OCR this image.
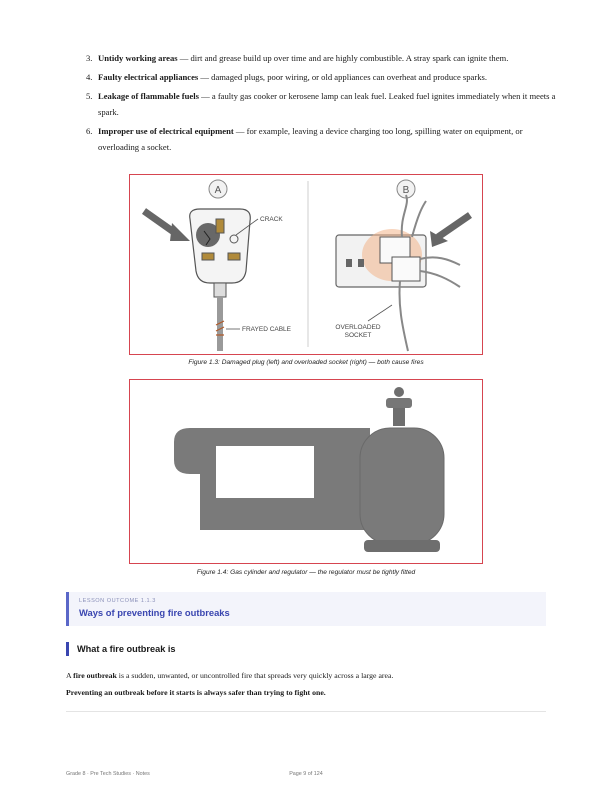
3. Untidy working areas — dirt and grease build up over time and are highly combustible. A stray spark can ignite them.
4. Faulty electrical appliances — damaged plugs, poor wiring, or old appliances can overheat and produce sparks.
5. Leakage of flammable fuels — a faulty gas cooker or kerosene lamp can leak fuel. Leaked fuel ignites immediately when it meets a spark.
6. Improper use of electrical equipment — for example, leaving a device charging too long, spilling water on equipment, or overloading a socket.
A
CRACK
FRAYED CABLE
B
OVERLOADED
SOCKET
Figure 1.3: Damaged plug (left) and overloaded socket (right) — both cause fires
Figure 1.4: Gas cylinder and regulator — the regulator must be tightly fitted
LESSON OUTCOME 1.1.3
Ways of preventing fire outbreaks
What a fire outbreak is
A fire outbreak is a sudden, unwanted, or uncontrolled fire that spreads very quickly across a large area.
Preventing an outbreak before it starts is always safer than trying to fight one.
Grade 8 · Pre Tech Studies · Notes	Page 9 of 124
